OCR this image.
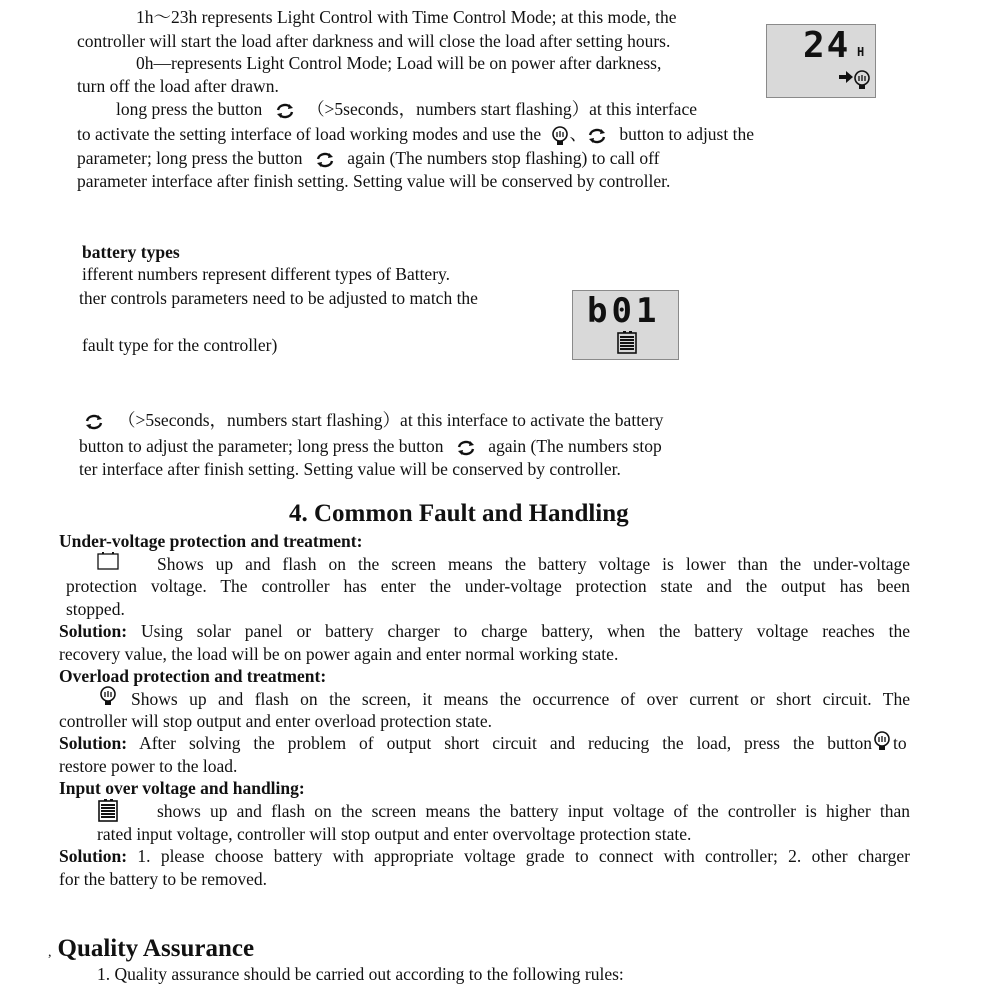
1h～23h represents Light Control with Time Control Mode; at this mode, the
controller will start the load after darkness and will close the load after setting hours.
0h—represents Light Control Mode; Load will be on power after darkness,
turn off the load after drawn.
long press the button	（>5seconds，numbers start flashing）at this interface
to activate the setting interface of load working modes and use the 、 button to adjust the
parameter; long press the button	again (The numbers stop flashing) to call off
parameter interface after finish setting. Setting value will be conserved by controller.
24 H
battery types
ifferent numbers represent different types of Battery.
ther controls parameters need to be adjusted to match the
fault type for the controller)
b01
（>5seconds，numbers start flashing）at this interface to activate the battery
button to adjust the parameter; long press the button	again (The numbers stop
ter interface after finish setting. Setting value will be conserved by controller.
4. Common Fault and Handling
Under-voltage protection and treatment:
Shows up and flash on the screen means the battery voltage is lower than the under-voltage
protection voltage. The controller has enter the under-voltage protection state and the output has been
stopped.
Solution: Using solar panel or battery charger to charge battery, when the battery voltage reaches the
recovery value, the load will be on power again and enter normal working state.
Overload protection and treatment:
Shows up and flash on the screen, it means the occurrence of over current or short circuit. The
controller will stop output and enter overload protection state.
Solution: After solving the problem of output short circuit and reducing the load, press the button to
restore power to the load.
Input over voltage and handling:
shows up and flash on the screen means the battery input voltage of the controller is higher than
rated input voltage, controller will stop output and enter overvoltage protection state.
Solution: 1. please choose battery with appropriate voltage grade to connect with controller; 2. other charger
for the battery to be removed.
, Quality Assurance
1. Quality assurance should be carried out according to the following rules:
